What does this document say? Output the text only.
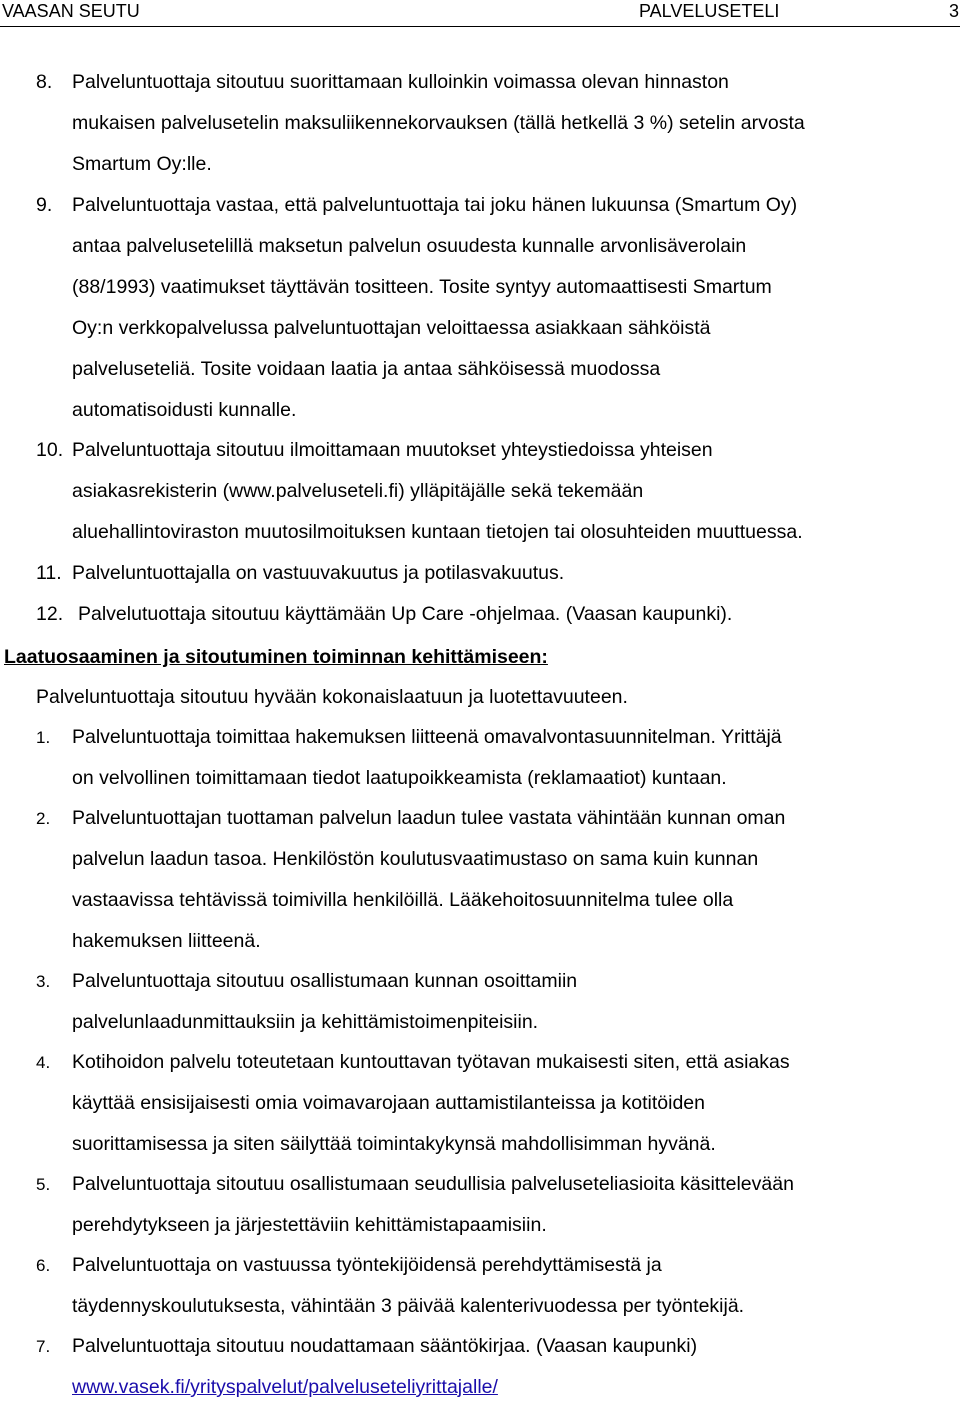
VAASAN SEUTU	PALVELUSETELI	3
8. Palveluntuottaja sitoutuu suorittamaan kulloinkin voimassa olevan hinnaston
mukaisen palvelusetelin maksuliikennekorvauksen (tällä hetkellä 3 %) setelin arvosta
Smartum Oy:lle.
9. Palveluntuottaja vastaa, että palveluntuottaja tai joku hänen lukuunsa (Smartum Oy)
antaa palvelusetelillä maksetun palvelun osuudesta kunnalle arvonlisäverolain
(88/1993) vaatimukset täyttävän tositteen. Tosite syntyy automaattisesti Smartum
Oy:n verkkopalvelussa palveluntuottajan veloittaessa asiakkaan sähköistä
palveluseteliä. Tosite voidaan laatia ja antaa sähköisessä muodossa
automatisoidusti kunnalle.
10. Palveluntuottaja sitoutuu ilmoittamaan muutokset yhteystiedoissa yhteisen
asiakasrekisterin (www.palveluseteli.fi) ylläpitäjälle sekä tekemään
aluehallintoviraston muutosilmoituksen kuntaan tietojen tai olosuhteiden muuttuessa.
11. Palveluntuottajalla on vastuuvakuutus ja potilasvakuutus.
12. Palvelutuottaja sitoutuu käyttämään Up Care -ohjelmaa. (Vaasan kaupunki).
Laatuosaaminen ja sitoutuminen toiminnan kehittämiseen:
Palveluntuottaja sitoutuu hyvään kokonaislaatuun ja luotettavuuteen.
1. Palveluntuottaja toimittaa hakemuksen liitteenä omavalvontasuunnitelman. Yrittäjä
on velvollinen toimittamaan tiedot laatupoikkeamista (reklamaatiot) kuntaan.
2. Palveluntuottajan tuottaman palvelun laadun tulee vastata vähintään kunnan oman
palvelun laadun tasoa. Henkilöstön koulutusvaatimustaso on sama kuin kunnan
vastaavissa tehtävissä toimivilla henkilöillä. Lääkehoitosuunnitelma tulee olla
hakemuksen liitteenä.
3. Palveluntuottaja sitoutuu osallistumaan kunnan osoittamiin
palvelunlaadunmittauksiin ja kehittämistoimenpiteisiin.
4. Kotihoidon palvelu toteutetaan kuntouttavan työtavan mukaisesti siten, että asiakas
käyttää ensisijaisesti omia voimavarojaan auttamistilanteissa ja kotitöiden
suorittamisessa ja siten säilyttää toimintakykynsä mahdollisimman hyvänä.
5. Palveluntuottaja sitoutuu osallistumaan seudullisia palveluseteliasioita käsittelevään
perehdytykseen ja järjestettäviin kehittämistapaamisiin.
6. Palveluntuottaja on vastuussa työntekijöidensä perehdyttämisestä ja
täydennyskoulutuksesta, vähintään 3 päivää kalenterivuodessa per työntekijä.
7. Palveluntuottaja sitoutuu noudattamaan sääntökirjaa. (Vaasan kaupunki)
www.vasek.fi/yrityspalvelut/palveluseteliyrittajalle/
